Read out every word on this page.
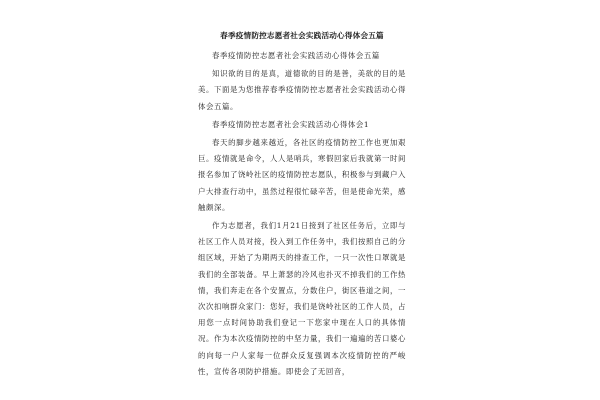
春季疫情防控志愿者社会实践活动心得体会五篇

春季疫情防控志愿者社会实践活动心得体会五篇

知识欲的目的是真，道德欲的目的是善，美欲的目的是美。下面是为您推荐春季疫情防控志愿者社会实践活动心得体会五篇。

春季疫情防控志愿者社会实践活动心得体会1

春天的脚步越来越近，各社区的疫情防控工作也更加艰巨。疫情就是命令，人人是哨兵，寒假回家后我就第一时间报名参加了饶岭社区的疫情防控志愿队，积极参与到藏户入户大排查行动中，虽然过程很忙碌辛苦，但是使命光荣，感触颇深。

作为志愿者，我们1月21日接到了社区任务后，立即与社区工作人员对接，投入到工作任务中，我们按照自己的分组区域，开始了为期两天的排查工作，一只一次性口罩就是我们的全部装备。早上萧瑟的冷风也扑灭不掉我们的工作热情，我们奔走在各个安置点，分数住户，街区巷道之间，一次次扣响群众家门：您好，我们是饶岭社区的工作人员，占用您一点时间协助我们登记一下您家中现在人口的具体情况。作为本次疫情防控的中坚力量，我们一遍遍的苦口婆心的向每一户人家每一位群众反复强调本次疫情防控的严峻性，宣传各项防护措施。即使会了无回音，
